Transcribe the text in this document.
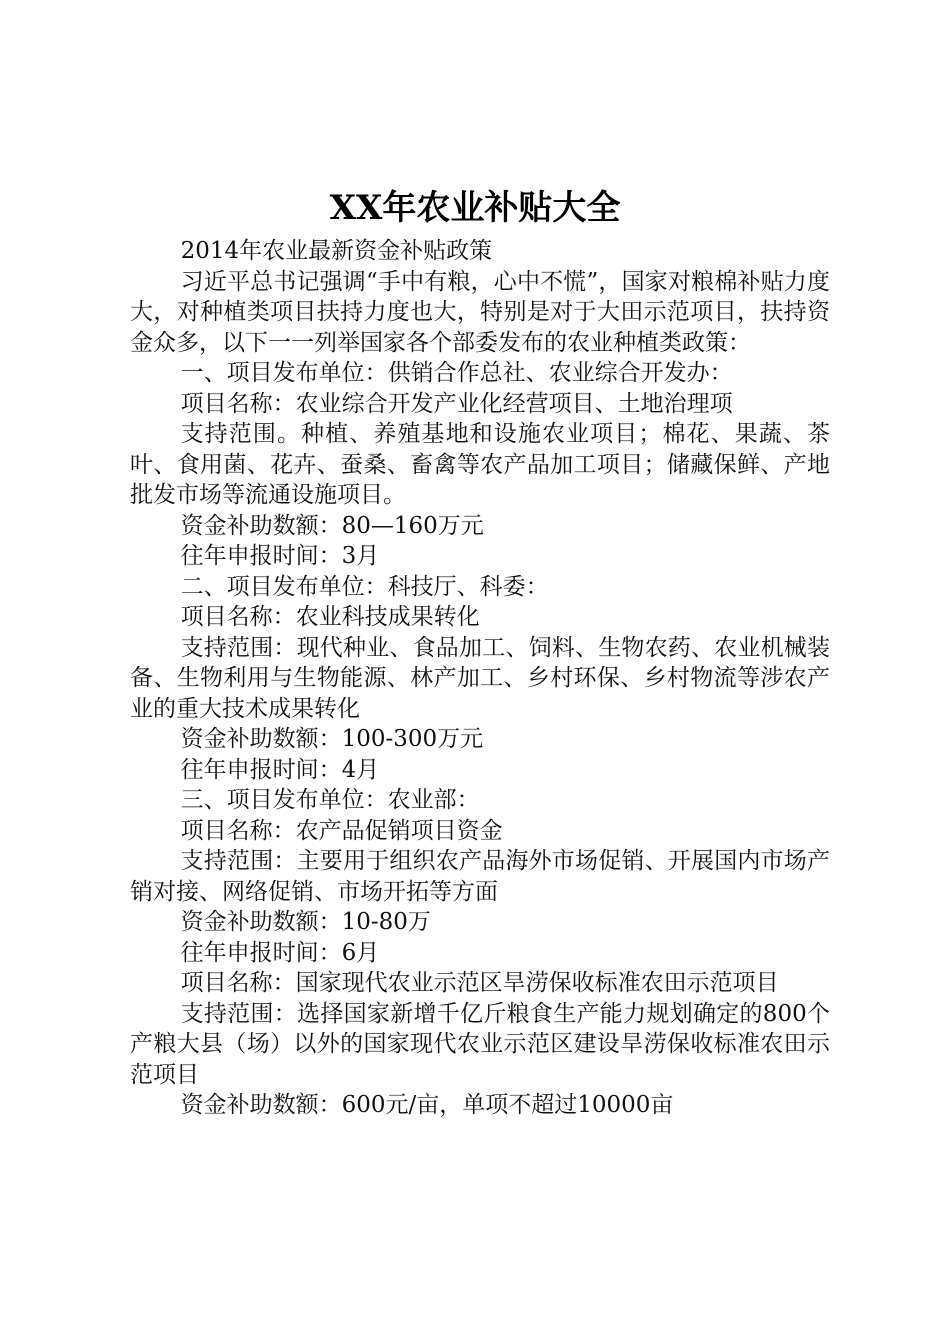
XX年农业补贴大全

2014年农业最新资金补贴政策

习近平总书记强调“手中有粮，心中不慌”，国家对粮棉补贴力度大，对种植类项目扶持力度也大，特别是对于大田示范项目，扶持资金众多，以下一一列举国家各个部委发布的农业种植类政策：

一、项目发布单位：供销合作总社、农业综合开发办：

项目名称：农业综合开发产业化经营项目、土地治理项

支持范围。种植、养殖基地和设施农业项目；棉花、果蔬、茶叶、食用菌、花卉、蚕桑、畜禽等农产品加工项目；储藏保鲜、产地批发市场等流通设施项目。

资金补助数额：80—160万元

往年申报时间：3月

二、项目发布单位：科技厅、科委：

项目名称：农业科技成果转化

支持范围：现代种业、食品加工、饲料、生物农药、农业机械装备、生物利用与生物能源、林产加工、乡村环保、乡村物流等涉农产业的重大技术成果转化

资金补助数额：100-300万元

往年申报时间：4月

三、项目发布单位：农业部：

项目名称：农产品促销项目资金

支持范围：主要用于组织农产品海外市场促销、开展国内市场产销对接、网络促销、市场开拓等方面

资金补助数额：10-80万

往年申报时间：6月

项目名称：国家现代农业示范区旱涝保收标准农田示范项目

支持范围：选择国家新增千亿斤粮食生产能力规划确定的800个产粮大县（场）以外的国家现代农业示范区建设旱涝保收标准农田示范项目

资金补助数额：600元/亩，单项不超过10000亩
